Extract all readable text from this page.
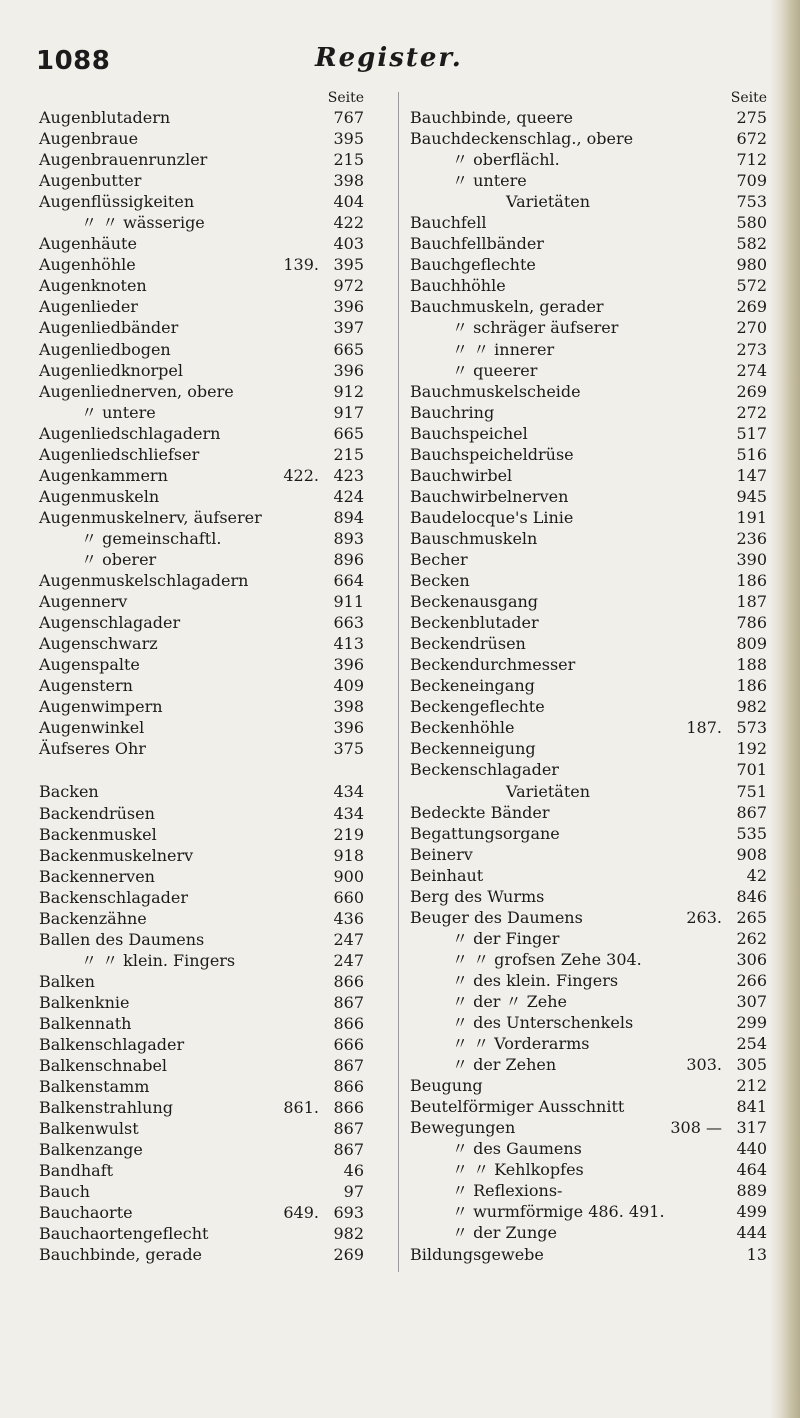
1088	Register.
Seite
Augenblutadern	767
Augenbraue	395
Augenbrauenrunzler	215
Augenbutter	398
Augenflüssigkeiten	404
〃 〃 wässerige	422
Augenhäute	403
Augenhöhle	139. 395
Augenknoten	972
Augenlieder	396
Augenliedbänder	397
Augenliedbogen	665
Augenliedknorpel	396
Augenliednerven, obere	912
〃 untere	917
Augenliedschlagadern	665
Augenliedschliefser	215
Augenkammern	422. 423
Augenmuskeln	424
Augenmuskelnerv, äufserer	894
〃 gemeinschaftl.	893
〃 oberer	896
Augenmuskelschlagadern	664
Augennerv	911
Augenschlagader	663
Augenschwarz	413
Augenspalte	396
Augenstern	409
Augenwimpern	398
Augenwinkel	396
Äufseres Ohr	375
Backen	434
Backendrüsen	434
Backenmuskel	219
Backenmuskelnerv	918
Backennerven	900
Backenschlagader	660
Backenzähne	436
Ballen des Daumens	247
〃 〃 klein. Fingers	247
Balken	866
Balkenknie	867
Balkennath	866
Balkenschlagader	666
Balkenschnabel	867
Balkenstamm	866
Balkenstrahlung	861. 866
Balkenwulst	867
Balkenzange	867
Bandhaft	46
Bauch	97
Bauchaorte	649. 693
Bauchaortengeflecht	982
Bauchbinde, gerade	269
Seite
Bauchbinde, queere	275
Bauchdeckenschlag., obere	672
〃 oberflächl.	712
〃 untere	709
Varietäten	753
Bauchfell	580
Bauchfellbänder	582
Bauchgeflechte	980
Bauchhöhle	572
Bauchmuskeln, gerader	269
〃 schräger äufserer	270
〃 〃 innerer	273
〃 queerer	274
Bauchmuskelscheide	269
Bauchring	272
Bauchspeichel	517
Bauchspeicheldrüse	516
Bauchwirbel	147
Bauchwirbelnerven	945
Baudelocque's Linie	191
Bauschmuskeln	236
Becher	390
Becken	186
Beckenausgang	187
Beckenblutader	786
Beckendrüsen	809
Beckendurchmesser	188
Beckeneingang	186
Beckengeflechte	982
Beckenhöhle	187. 573
Beckenneigung	192
Beckenschlagader	701
Varietäten	751
Bedeckte Bänder	867
Begattungsorgane	535
Beinerv	908
Beinhaut	42
Berg des Wurms	846
Beuger des Daumens	263. 265
〃 der Finger	262
〃 〃 grofsen Zehe 304.	306
〃 des klein. Fingers	266
〃 der 〃 Zehe	307
〃 des Unterschenkels	299
〃 〃 Vorderarms	254
〃 der Zehen	303. 305
Beugung	212
Beutelförmiger Ausschnitt	841
Bewegungen	308 — 317
〃 des Gaumens	440
〃 〃 Kehlkopfes	464
〃 Reflexions-	889
〃 wurmförmige 486. 491.	499
〃 der Zunge	444
Bildungsgewebe	13
